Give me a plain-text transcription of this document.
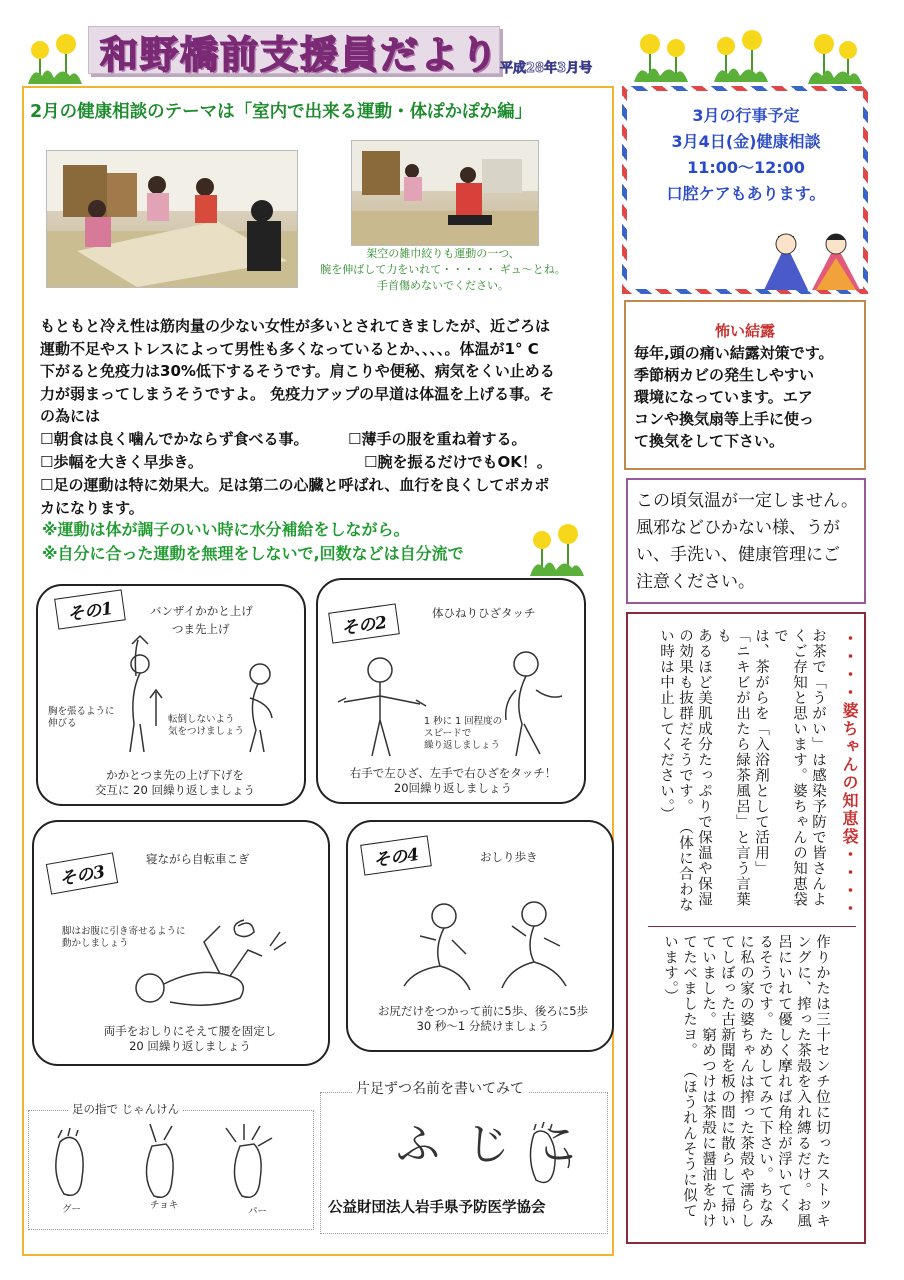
和野橋前支援員だより 平成28年3月号
2月の健康相談のテーマは「室内で出来る運動・体ぽかぽか編」
架空の雑巾絞りも運動の一つ、
腕を伸ばして力をいれて・・・・・ ギュ～とね。
手首傷めないでください。
もともと冷え性は筋肉量の少ない女性が多いとされてきましたが、近ごろは
運動不足やストレスによって男性も多くなっているとか、、、、。体温が1° C
下がると免疫力は30%低下するそうです。肩こりや便秘、病気をくい止める
力が弱まってしまうそうですよ。 免疫力アップの早道は体温を上げる事。そ
の為には
☐朝食は良く噛んでかならず食べる事。	☐薄手の服を重ね着する。
☐歩幅を大きく早歩き。	☐腕を振るだけでもOK！。
☐足の運動は特に効果大。足は第二の心臓と呼ばれ、血行を良くしてポカポ
カになります。
※運動は体が調子のいい時に水分補給をしながら。
※自分に合った運動を無理をしないで,回数などは自分流で
その1	バンザイかかと上げ
つま先上げ
胸を張るように
伸びる	転倒しないよう
気をつけましょう
かかとつま先の上げ下げを
交互に 20 回繰り返しましょう
その2	体ひねりひざタッチ
1 秒に 1 回程度の
スピードで
繰り返しましょう
右手で左ひざ、左手で右ひざをタッチ！
20回繰り返しましょう
その3
寝ながら自転車こぎ
脚はお腹に引き寄せるように
動かしましょう
両手をおしりにそえて腰を固定し
20 回繰り返しましょう
その4	おしり歩き
お尻だけをつかって前に5歩、後ろに5歩
30 秒～1 分続けましょう
足の指で じゃんけん
グー	チョキ
パー
片足ずつ名前を書いてみて
ふじこ
公益財団法人岩手県予防医学協会
3月の行事予定
3月4日(金)健康相談
11:00～12:00
口腔ケアもあります。
怖い結露
毎年,頭の痛い結露対策です。
季節柄カビの発生しやすい
環境になっています。エア
コンや換気扇等上手に使っ
て換気をして下さい。
この頃気温が一定しません。
風邪などひかない様、うが
い、手洗い、健康管理にご
注意ください。
・・・・婆ちゃんの知恵袋・・・・
お茶で「うがい」は感染予防で皆さんよ
くご存知と思います。婆ちゃんの知恵袋で
は、茶がらを「入浴剤として活用」
「ニキビが出たら緑茶風呂」と言う言葉も
あるほど美肌成分たっぷりで保温や保湿
の効果も抜群だそうです。 （体に合わな
い時は中止してください。）
作りかたは三十センチ位に切ったストッキ
ングに、搾った茶殻を入れ縛るだけ。お風
呂にいれて優しく摩れば角栓が浮いてく
るそうです。ためしてみて下さい。ちなみ
に私の家の婆ちゃんは搾った茶殻や濡らし
てしぼった古新聞を板の間に散らして掃い
ていました。窮めつけは茶殻に醤油をかけ
てたべましたヨ。 （ほうれんそうに似て
います。）
